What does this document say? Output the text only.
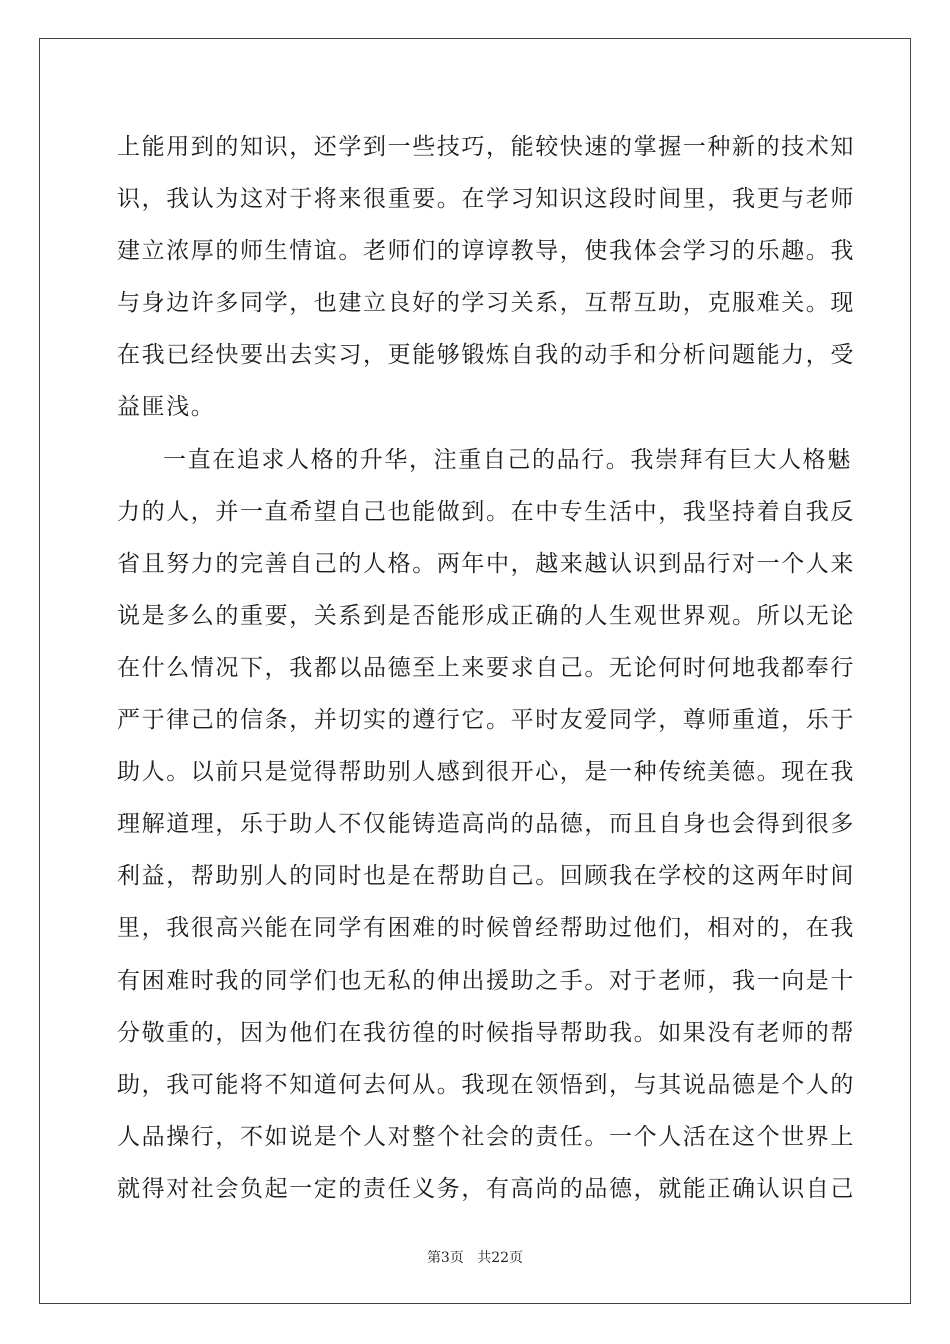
上能用到的知识，还学到一些技巧，能较快速的掌握一种新的技术知
识，我认为这对于将来很重要。在学习知识这段时间里，我更与老师
建立浓厚的师生情谊。老师们的谆谆教导，使我体会学习的乐趣。我
与身边许多同学，也建立良好的学习关系，互帮互助，克服难关。现
在我已经快要出去实习，更能够锻炼自我的动手和分析问题能力，受
益匪浅。
一直在追求人格的升华，注重自己的品行。我崇拜有巨大人格魅
力的人，并一直希望自己也能做到。在中专生活中，我坚持着自我反
省且努力的完善自己的人格。两年中，越来越认识到品行对一个人来
说是多么的重要，关系到是否能形成正确的人生观世界观。所以无论
在什么情况下，我都以品德至上来要求自己。无论何时何地我都奉行
严于律己的信条，并切实的遵行它。平时友爱同学，尊师重道，乐于
助人。以前只是觉得帮助别人感到很开心，是一种传统美德。现在我
理解道理，乐于助人不仅能铸造高尚的品德，而且自身也会得到很多
利益，帮助别人的同时也是在帮助自己。回顾我在学校的这两年时间
里，我很高兴能在同学有困难的时候曾经帮助过他们，相对的，在我
有困难时我的同学们也无私的伸出援助之手。对于老师，我一向是十
分敬重的，因为他们在我彷徨的时候指导帮助我。如果没有老师的帮
助，我可能将不知道何去何从。我现在领悟到，与其说品德是个人的
人品操行，不如说是个人对整个社会的责任。一个人活在这个世界上
就得对社会负起一定的责任义务，有高尚的品德，就能正确认识自己
第3页 共22页
